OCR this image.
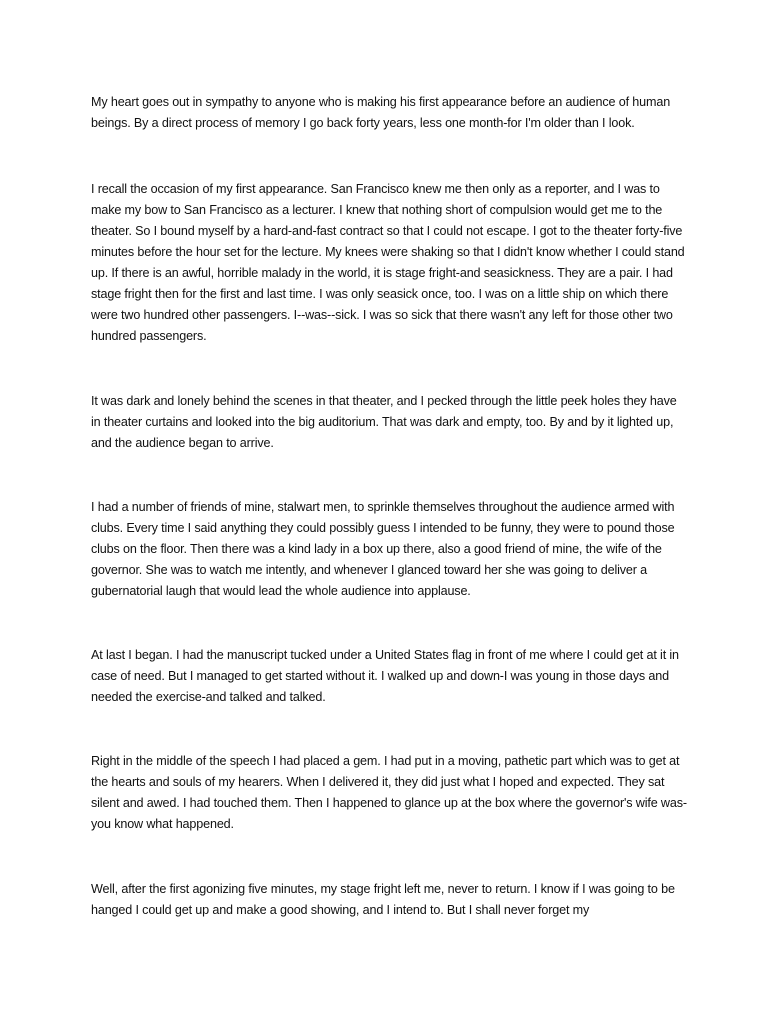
My heart goes out in sympathy to anyone who is making his first appearance before an audience of human beings. By a direct process of memory I go back forty years, less one month-for I'm older than I look.

I recall the occasion of my first appearance. San Francisco knew me then only as a reporter, and I was to make my bow to San Francisco as a lecturer. I knew that nothing short of compulsion would get me to the theater. So I bound myself by a hard-and-fast contract so that I could not escape. I got to the theater forty-five minutes before the hour set for the lecture. My knees were shaking so that I didn't know whether I could stand up. If there is an awful, horrible malady in the world, it is stage fright-and seasickness. They are a pair. I had stage fright then for the first and last time. I was only seasick once, too. I was on a little ship on which there were two hundred other passengers. I--was--sick. I was so sick that there wasn't any left for those other two hundred passengers.

It was dark and lonely behind the scenes in that theater, and I pecked through the little peek holes they have in theater curtains and looked into the big auditorium. That was dark and empty, too. By and by it lighted up, and the audience began to arrive.

I had a number of friends of mine, stalwart men, to sprinkle themselves throughout the audience armed with clubs. Every time I said anything they could possibly guess I intended to be funny, they were to pound those clubs on the floor. Then there was a kind lady in a box up there, also a good friend of mine, the wife of the governor. She was to watch me intently, and whenever I glanced toward her she was going to deliver a gubernatorial laugh that would lead the whole audience into applause.

At last I began. I had the manuscript tucked under a United States flag in front of me where I could get at it in case of need. But I managed to get started without it. I walked up and down-I was young in those days and needed the exercise-and talked and talked.

Right in the middle of the speech I had placed a gem. I had put in a moving, pathetic part which was to get at the hearts and souls of my hearers. When I delivered it, they did just what I hoped and expected. They sat silent and awed. I had touched them. Then I happened to glance up at the box where the governor's wife was-you know what happened.

Well, after the first agonizing five minutes, my stage fright left me, never to return. I know if I was going to be hanged I could get up and make a good showing, and I intend to. But I shall never forget my
